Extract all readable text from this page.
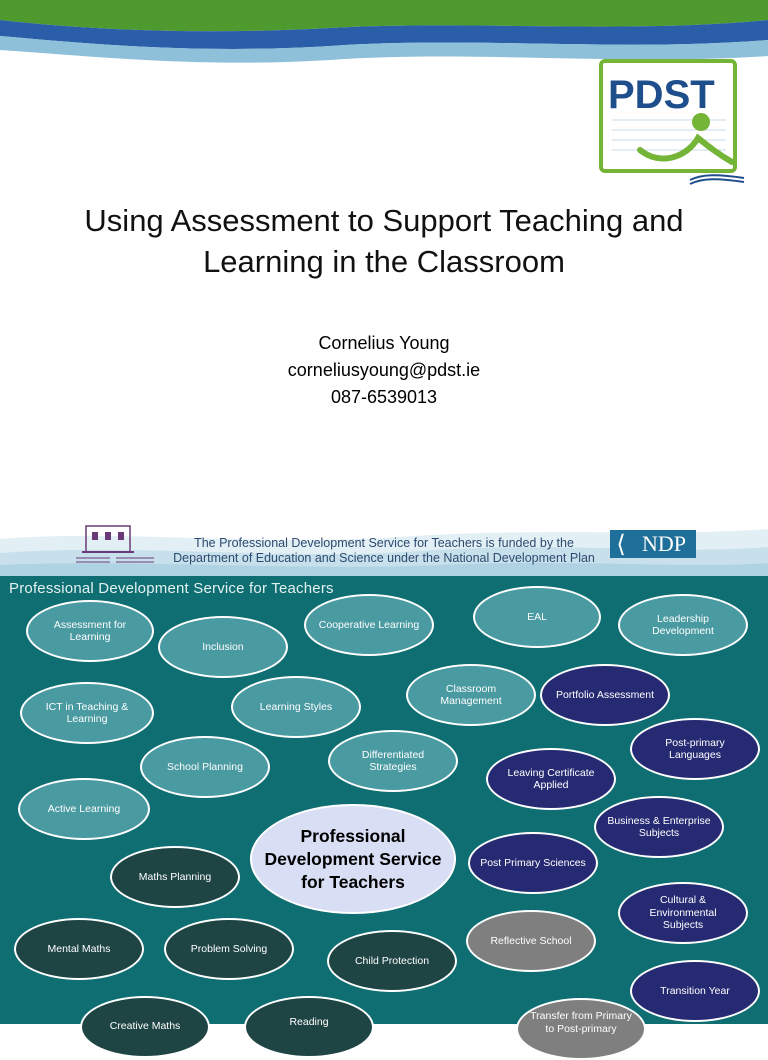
PDST
Using Assessment to Support Teaching and Learning in the Classroom
Cornelius Young
corneliusyoung@pdst.ie
087-6539013
The Professional Development Service for Teachers is funded by the Department of Education and Science under the National Development Plan
⟨ NDP
Professional Development Service for Teachers
Assessment for Learning
Inclusion
Cooperative Learning
EAL	Leadership Development
ICT in Teaching & Learning
Learning Styles
Classroom Management
Portfolio Assessment
School Planning
Differentiated Strategies
Post-primary Languages
Leaving Certificate Applied
Active Learning
Business & Enterprise Subjects
Professional Development Service for Teachers
Post Primary Sciences
Maths Planning
Cultural & Environmental Subjects
Mental Maths	Problem Solving
Child Protection
Reflective School
Transition Year
Creative Maths	Reading	Transfer from Primary to Post-primary
